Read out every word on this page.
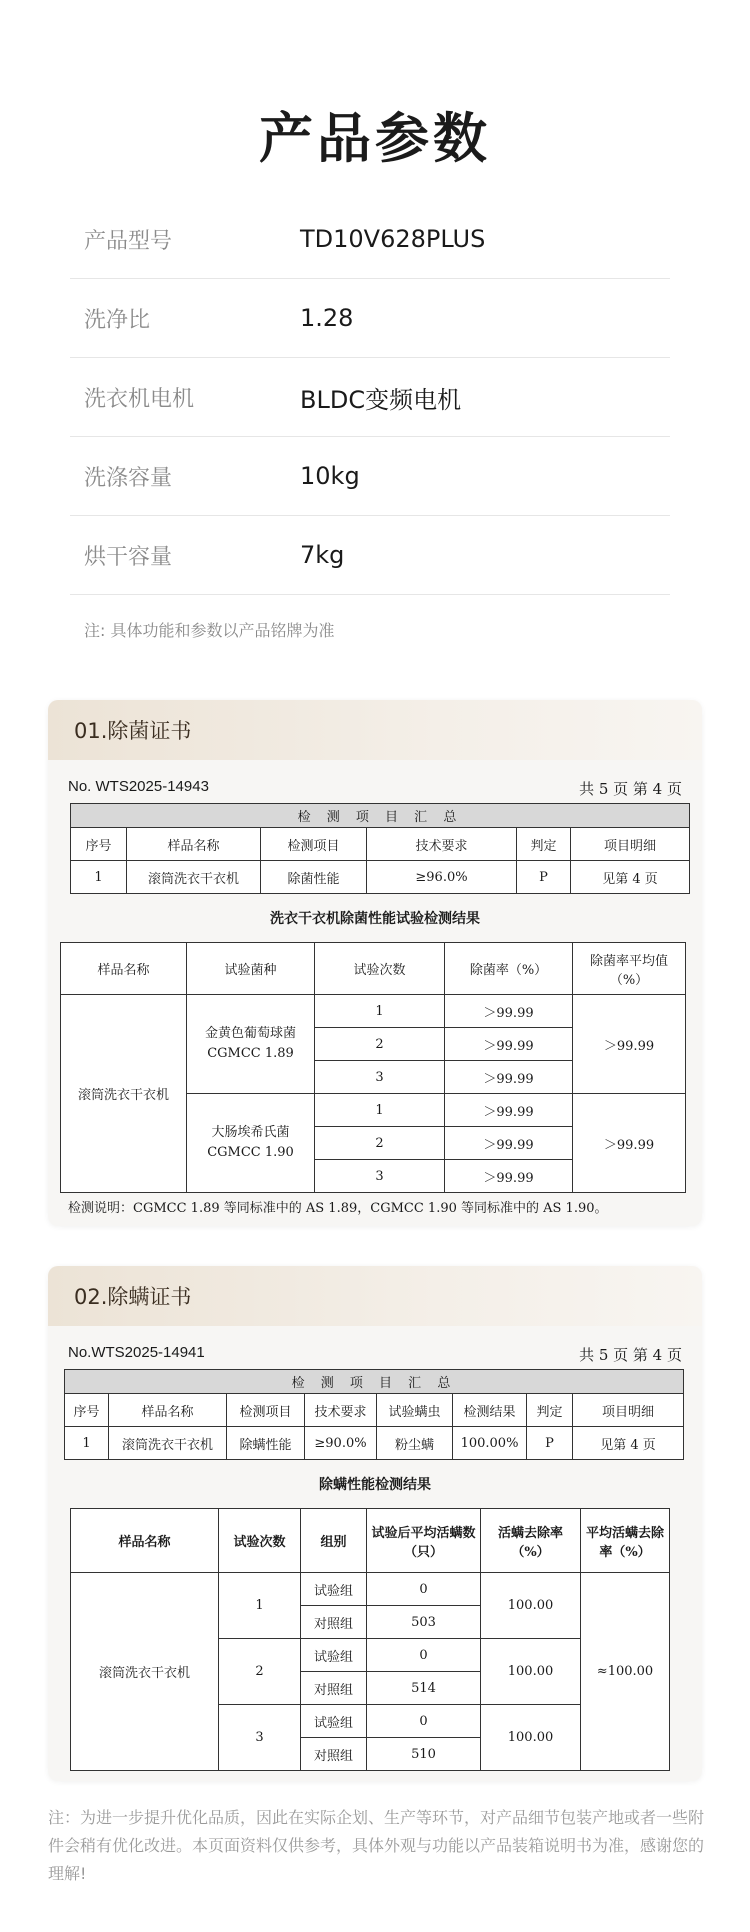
产品参数
产品型号	TD10V628PLUS
洗净比	1.28
洗衣机电机	BLDC变频电机
洗涤容量	10kg
烘干容量	7kg
注: 具体功能和参数以产品铭牌为准
01.除菌证书
No. WTS2025-14943	共 5 页 第 4 页
检 测 项 目 汇 总					
序号	样品名称	检测项目	技术要求	判定	项目明细
1	滚筒洗衣干衣机	除菌性能	≥96.0%	P	见第 4 页
洗衣干衣机除菌性能试验检测结果
样品名称	试验菌种	试验次数	除菌率（%）	除菌率平均值（%）
滚筒洗衣干衣机	金黄色葡萄球菌 CGMCC 1.89	1	＞99.99	＞99.99
		2	＞99.99	
		3	＞99.99	
	大肠埃希氏菌 CGMCC 1.90	1	＞99.99	＞99.99
		2	＞99.99	
		3	＞99.99	
检测说明：CGMCC 1.89 等同标准中的 AS 1.89，CGMCC 1.90 等同标准中的 AS 1.90。
02.除螨证书
No.WTS2025-14941	共 5 页 第 4 页
检 测 项 目 汇 总							
序号	样品名称	检测项目	技术要求	试验螨虫	检测结果	判定	项目明细
1	滚筒洗衣干衣机	除螨性能	≥90.0%	粉尘螨	100.00%	P	见第 4 页
除螨性能检测结果
样品名称	试验次数	组别	试验后平均活螨数（只）	活螨去除率（%）	平均活螨去除率（%）
滚筒洗衣干衣机	1	试验组	0	100.00	≈100.00
		对照组	503		
	2	试验组	0	100.00	
		对照组	514		
	3	试验组	0	100.00	
		对照组	510		
注：为进一步提升优化品质，因此在实际企划、生产等环节，对产品细节包装产地或者一些附件会稍有优化改进。本页面资料仅供参考，具体外观与功能以产品装箱说明书为准，感谢您的理解!
